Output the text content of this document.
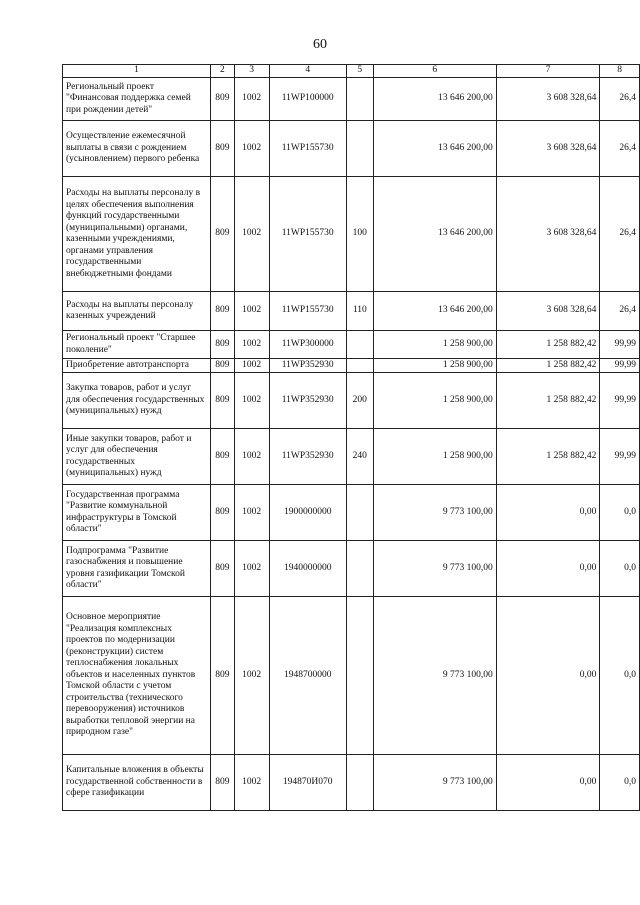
60
1	2	3	4	5	6	7	8
Региональный проект "Финансовая поддержка семей при рождении детей"	809	1002	11WP100000		13 646 200,00	3 608 328,64	26,4
Осуществление ежемесячной выплаты в связи с рождением (усыновлением) первого ребенка	809	1002	11WP155730		13 646 200,00	3 608 328,64	26,4
Расходы на выплаты персоналу в целях обеспечения выполнения функций государственными (муниципальными) органами, казенными учреждениями, органами управления государственными внебюджетными фондами	809	1002	11WP155730	100	13 646 200,00	3 608 328,64	26,4
Расходы на выплаты персоналу казенных учреждений	809	1002	11WP155730	110	13 646 200,00	3 608 328,64	26,4
Региональный проект "Старшее поколение"	809	1002	11WP300000		1 258 900,00	1 258 882,42	99,99
Приобретение автотранспорта	809	1002	11WP352930		1 258 900,00	1 258 882,42	99,99
Закупка товаров, работ и услуг для обеспечения государственных (муниципальных) нужд	809	1002	11WP352930	200	1 258 900,00	1 258 882,42	99,99
Иные закупки товаров, работ и услуг для обеспечения государственных (муниципальных) нужд	809	1002	11WP352930	240	1 258 900,00	1 258 882,42	99,99
Государственная программа "Развитие коммунальной инфраструктуры в Томской области"	809	1002	1900000000		9 773 100,00	0,00	0,0
Подпрограмма "Развитие газоснабжения и повышение уровня газификации Томской области"	809	1002	1940000000		9 773 100,00	0,00	0,0
Основное мероприятие "Реализация комплексных проектов по модернизации (реконструкции) систем теплоснабжения локальных объектов и населенных пунктов Томской области с учетом строительства (технического перевооружения) источников выработки тепловой энергии на природном газе"	809	1002	1948700000		9 773 100,00	0,00	0,0
Капитальные вложения в объекты государственной собственности в сфере газификации	809	1002	194870И070		9 773 100,00	0,00	0,0
